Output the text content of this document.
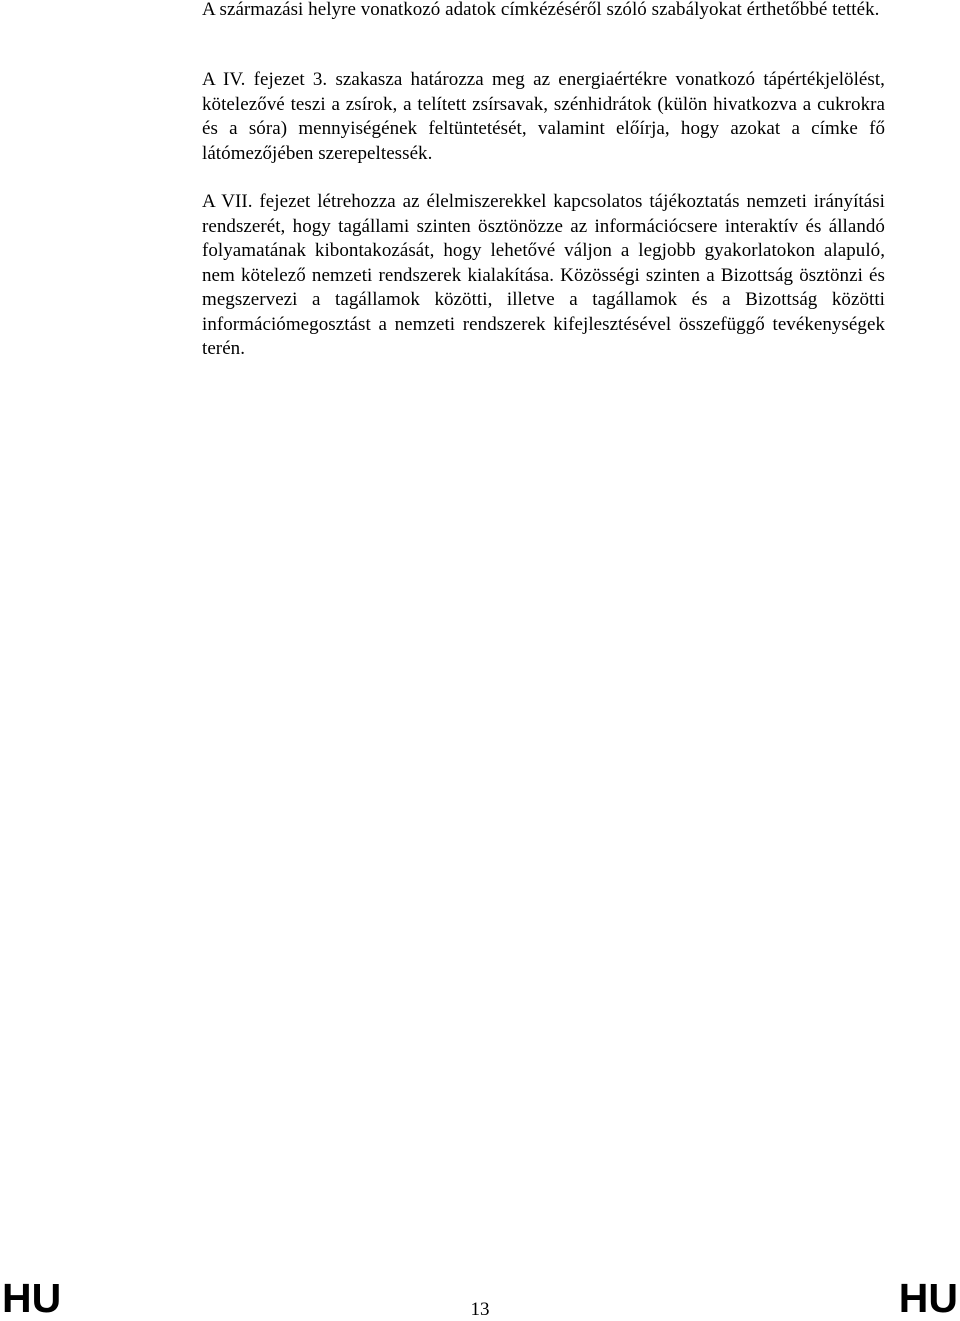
A származási helyre vonatkozó adatok címkézéséről szóló szabályokat érthetőbbé tették.

A IV. fejezet 3. szakasza határozza meg az energiaértékre vonatkozó tápértékjelölést, kötelezővé teszi a zsírok, a telített zsírsavak, szénhidrátok (külön hivatkozva a cukrokra és a sóra) mennyiségének feltüntetését, valamint előírja, hogy azokat a címke fő látómezőjében szerepeltessék.

A VII. fejezet létrehozza az élelmiszerekkel kapcsolatos tájékoztatás nemzeti irányítási rendszerét, hogy tagállami szinten ösztönözze az információcsere interaktív és állandó folyamatának kibontakozását, hogy lehetővé váljon a legjobb gyakorlatokon alapuló, nem kötelező nemzeti rendszerek kialakítása. Közösségi szinten a Bizottság ösztönzi és megszervezi a tagállamok közötti, illetve a tagállamok és a Bizottság közötti információmegosztást a nemzeti rendszerek kifejlesztésével összefüggő tevékenységek terén.

HU	13	HU
